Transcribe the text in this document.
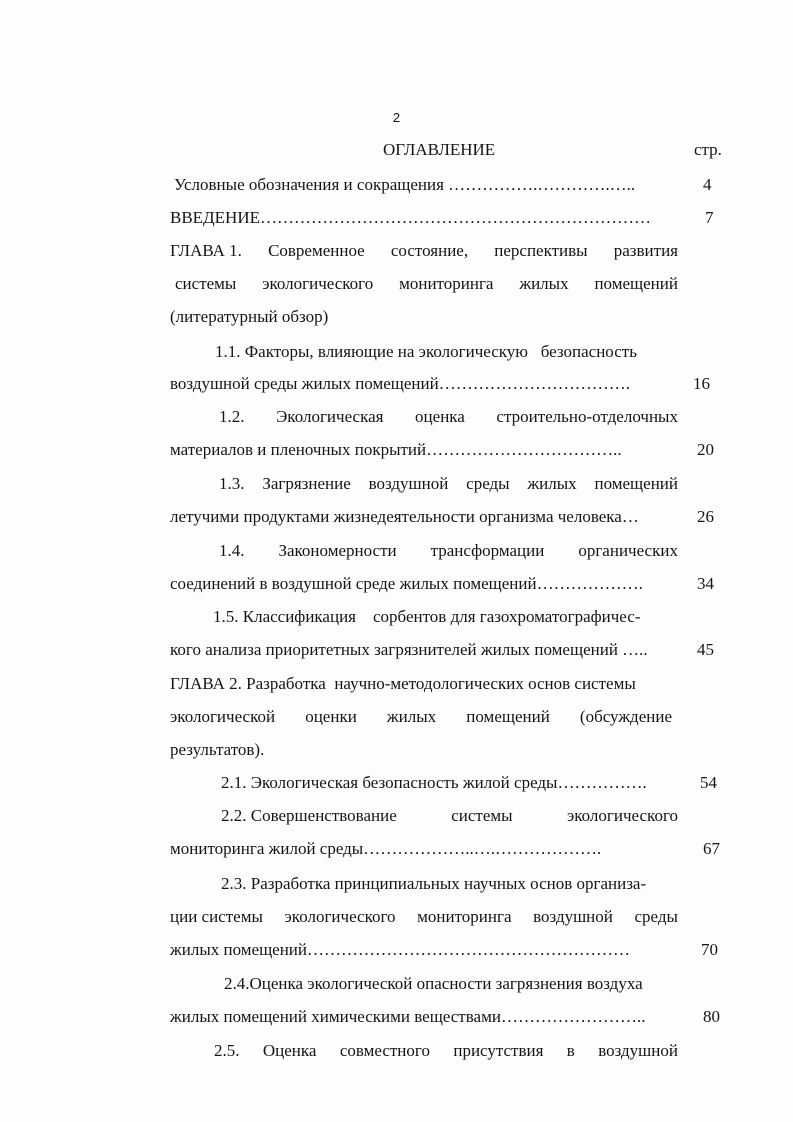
2
ОГЛАВЛЕНИЕ	стр.
Условные обозначения и сокращения …………….………….…..	4
ВВЕДЕНИЕ……………………………………………………………	7
ГЛАВА 1. Современное состояние, перспективы развития
системы экологического мониторинга жилых помещений
(литературный обзор)
1.1. Факторы, влияющие на экологическую   безопасность
воздушной среды жилых помещений…………………………….	16
1.2. Экологическая оценка строительно-отделочных
материалов и пленочных покрытий……………………………..	20
1.3. Загрязнение воздушной среды жилых помещений
летучими продуктами жизнедеятельности организма человека…	26
1.4. Закономерности трансформации органических
соединений в воздушной среде жилых помещений……………….	34
1.5. Классификация    сорбентов для газохроматографичес-
кого анализа приоритетных загрязнителей жилых помещений …..	45
ГЛАВА 2. Разработка  научно-методологических основ системы
экологической оценки жилых помещений (обсуждение
результатов).
2.1. Экологическая безопасность жилой среды…………….	54
2.2. Совершенствование	системы	экологического
мониторинга жилой среды………………..….……………….	67
2.3. Разработка принципиальных научных основ организа-
ции системы экологического мониторинга воздушной среды
жилых помещений…………………………………………………	70
2.4.Оценка экологической опасности загрязнения воздуха
жилых помещений химическими веществами……………………..	80
2.5. Оценка совместного присутствия в воздушной
